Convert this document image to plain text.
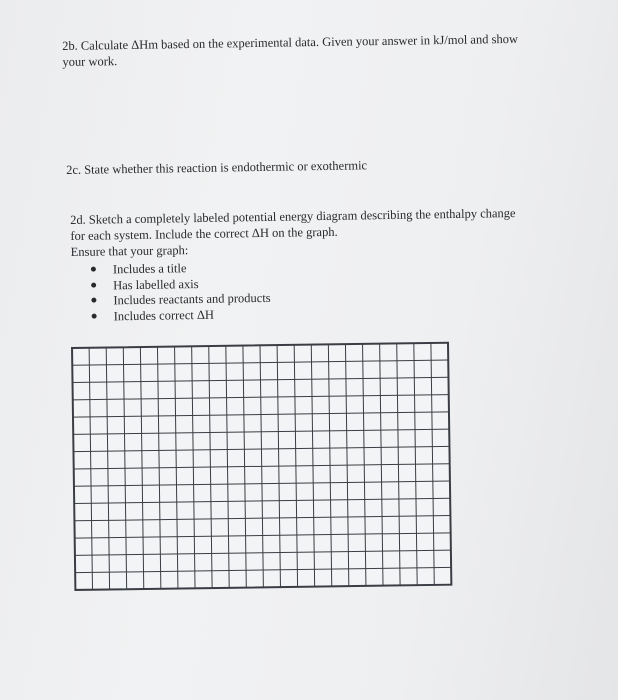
2b. Calculate ΔHm based on the experimental data. Given your answer in kJ/mol and show
your work.
2c. State whether this reaction is endothermic or exothermic
2d. Sketch a completely labeled potential energy diagram describing the enthalpy change
for each system. Include the correct ΔH on the graph.
Ensure that your graph:
Includes a title
Has labelled axis
Includes reactants and products
Includes correct ΔH
